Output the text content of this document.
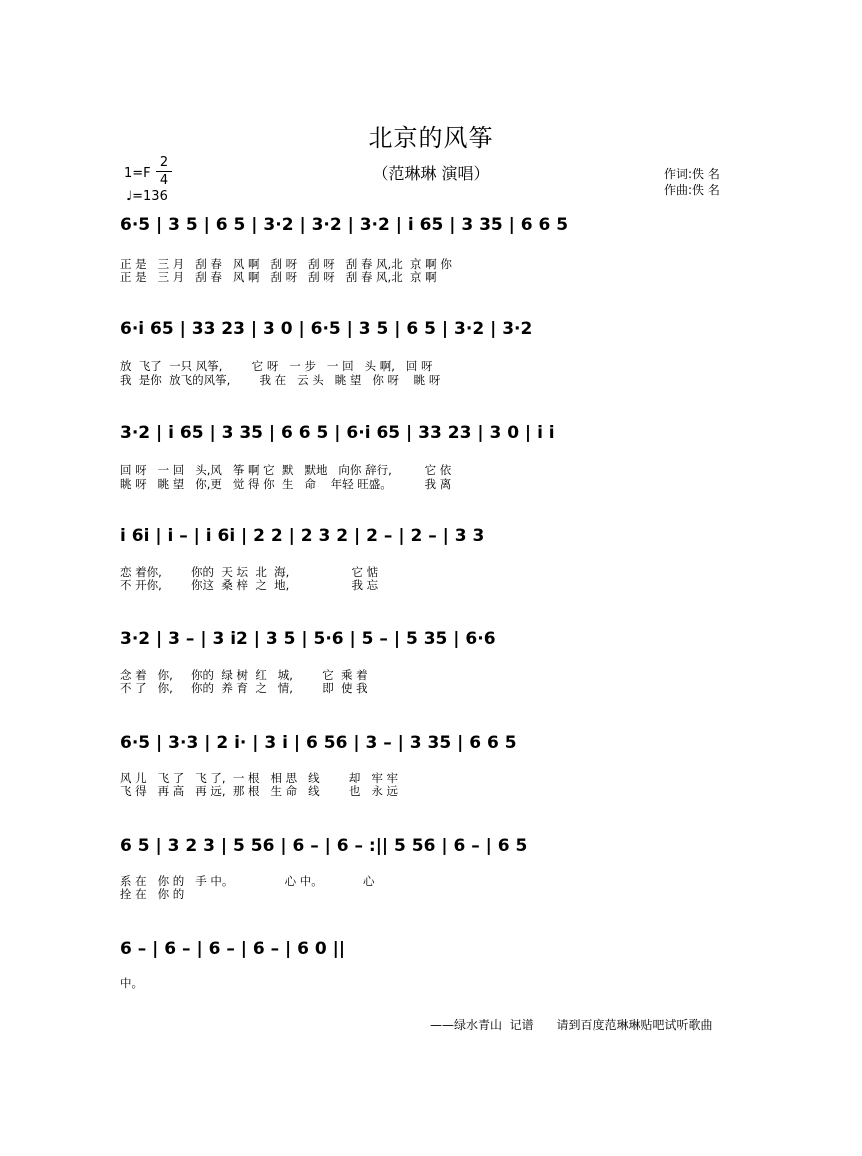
北京的风筝
（范琳琳 演唱）
1=F
2
4
♩=136
作词:佚 名
作曲:佚 名
6·5 | 3 5 | 6 5 | 3·2 | 3·2 | 3·2 | i 65 | 3 35 | 6 6 5
正 是   三 月   刮 春   风 啊   刮 呀   刮 呀   刮 春 风,北  京 啊 你
正 是   三 月   刮 春   风 啊   刮 呀   刮 呀   刮 春 风,北  京 啊
6·i 65 | 33 23 | 3 0 | 6·5 | 3 5 | 6 5 | 3·2 | 3·2
放  飞了  一只 风筝,        它 呀   一 步   一 回   头 啊,   回 呀
我  是你  放飞的风筝,        我 在   云 头   眺 望   你 呀    眺 呀
3·2 | i 65 | 3 35 | 6 6 5 | 6·i 65 | 33 23 | 3 0 | i i
回 呀   一 回   头,风   筝 啊 它  默   默地   向你 辞行,         它 依
眺 呀   眺 望   你,更   觉 得 你  生   命    年轻 旺盛。         我 离
i 6i | i – | i 6i | 2 2 | 2 3 2 | 2 – | 2 – | 3 3
恋 着你,        你的  天 坛  北  海,                 它 惦
不 开你,        你这  桑 梓  之  地,                 我 忘
3·2 | 3 – | 3 i2 | 3 5 | 5·6 | 5 – | 5 35 | 6·6
念 着   你,     你的  绿 树  红   城,        它  乘 着
不 了   你,     你的  养 育  之   情,        即  使 我
6·5 | 3·3 | 2 i· | 3 i | 6 56 | 3 – | 3 35 | 6 6 5
风 儿   飞 了   飞 了,  一 根   相 思   线        却   牢 牢
飞 得   再 高   再 远,  那 根   生 命   线        也   永 远
6 5 | 3 2 3 | 5 56 | 6 – | 6 – :|| 5 56 | 6 – | 6 5
系 在   你 的   手 中。              心 中。           心
拴 在   你 的
6 – | 6 – | 6 – | 6 – | 6 0 ||
中。
——绿水青山  记谱      请到百度范琳琳贴吧试听歌曲
